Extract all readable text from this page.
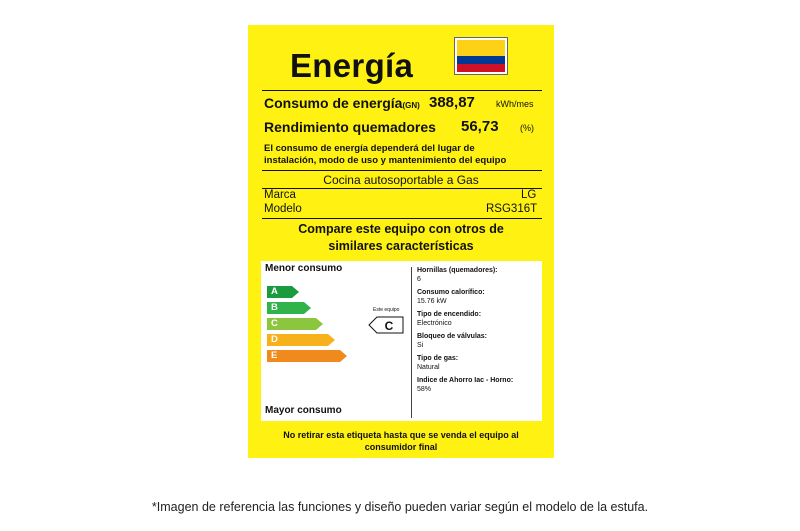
Energía
Consumo de energía(GN) 388,87 kWh/mes
Rendimiento quemadores 56,73 (%)
El consumo de energía dependerá del lugar de
instalación, modo de uso y mantenimiento del equipo
Cocina autosoportable a Gas
Marca	LG
Modelo	RSG316T
Compare este equipo con otros de
similares características
Menor consumo
A
B
C
D
E
Este equipo
C
Hornillas (quemadores):
6
Consumo calorífico:
15.76 kW
Tipo de encendido:
Electrónico
Bloqueo de válvulas:
Si
Tipo de gas:
Natural
Indice de Ahorro Iac - Horno:
58%
Mayor consumo
No retirar esta etiqueta hasta que se venda el equipo al
consumidor final
*Imagen de referencia las funciones y diseño pueden variar según el modelo de la estufa.
